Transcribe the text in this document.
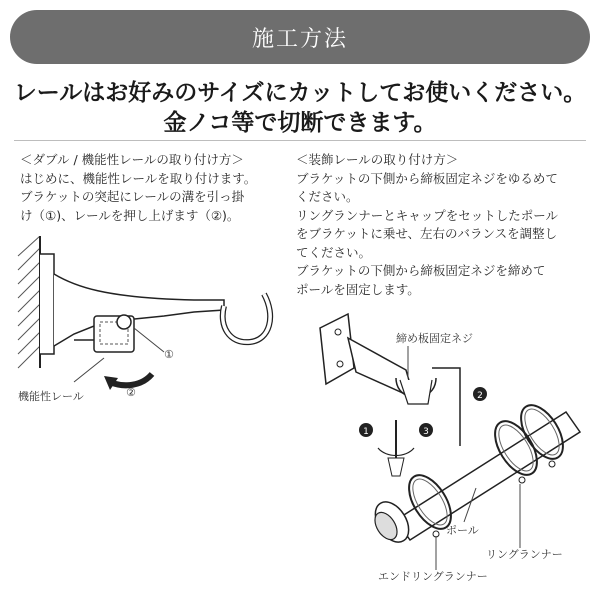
施工方法
レールはお好みのサイズにカットしてお使いください。
金ノコ等で切断できます。
＜ダブル / 機能性レールの取り付け方＞
はじめに、機能性レールを取り付けます。
ブラケットの突起にレールの溝を引っ掛
け（①)、レールを押し上げます（②)。
＜装飾レールの取り付け方＞
ブラケットの下側から締板固定ネジをゆるめて
ください。
リングランナーとキャップをセットしたポール
をブラケットに乗せ、左右のバランスを調整し
てください。
ブラケットの下側から締板固定ネジを締めて
ポールを固定します。
①
②
機能性レール
締め板固定ネジ
2
1	3
ポール
リングランナー
エンドリングランナー
